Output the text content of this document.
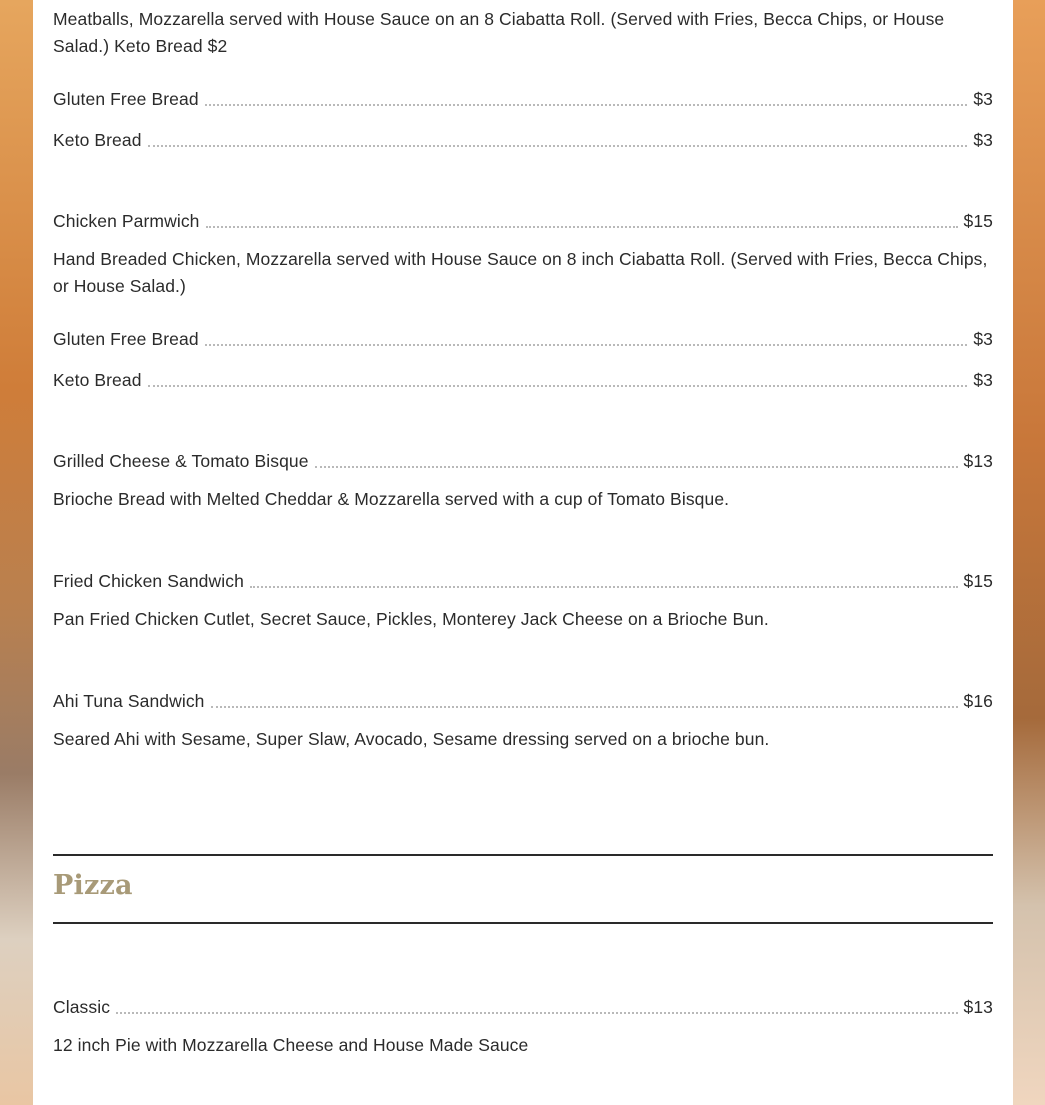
Meatballs, Mozzarella served with House Sauce on an 8 Ciabatta Roll. (Served with Fries, Becca Chips, or House Salad.) Keto Bread $2
Gluten Free Bread	$3
Keto Bread	$3
Chicken Parmwich	$15
Hand Breaded Chicken, Mozzarella served with House Sauce on 8 inch Ciabatta Roll. (Served with Fries, Becca Chips, or House Salad.)
Gluten Free Bread	$3
Keto Bread	$3
Grilled Cheese & Tomato Bisque	$13
Brioche Bread with Melted Cheddar & Mozzarella served with a cup of Tomato Bisque.
Fried Chicken Sandwich	$15
Pan Fried Chicken Cutlet, Secret Sauce, Pickles, Monterey Jack Cheese on a Brioche Bun.
Ahi Tuna Sandwich	$16
Seared Ahi with Sesame, Super Slaw, Avocado, Sesame dressing served on a brioche bun.
Pizza
Classic	$13
12 inch Pie with Mozzarella Cheese and House Made Sauce
